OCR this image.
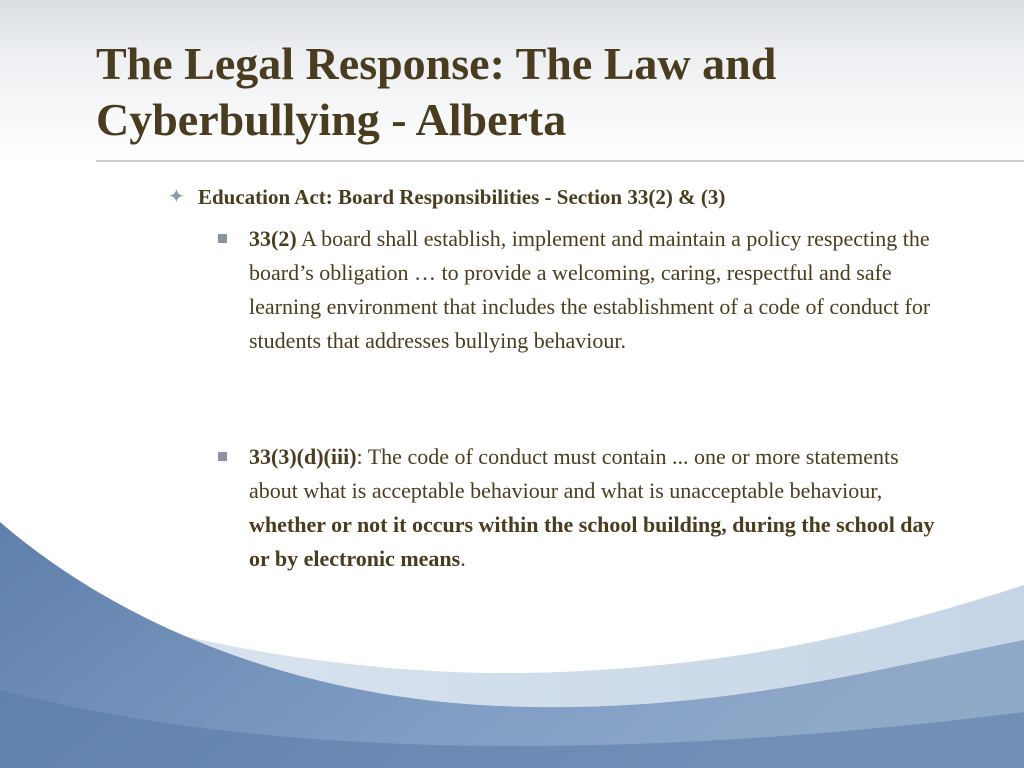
The Legal Response: The Law and Cyberbullying - Alberta
✦ Education Act: Board Responsibilities - Section 33(2) & (3)
33(2) A board shall establish, implement and maintain a policy respecting the board’s obligation … to provide a welcoming, caring, respectful and safe learning environment that includes the establishment of a code of conduct for students that addresses bullying behaviour.
33(3)(d)(iii): The code of conduct must contain ... one or more statements about what is acceptable behaviour and what is unacceptable behaviour, whether or not it occurs within the school building, during the school day or by electronic means.
